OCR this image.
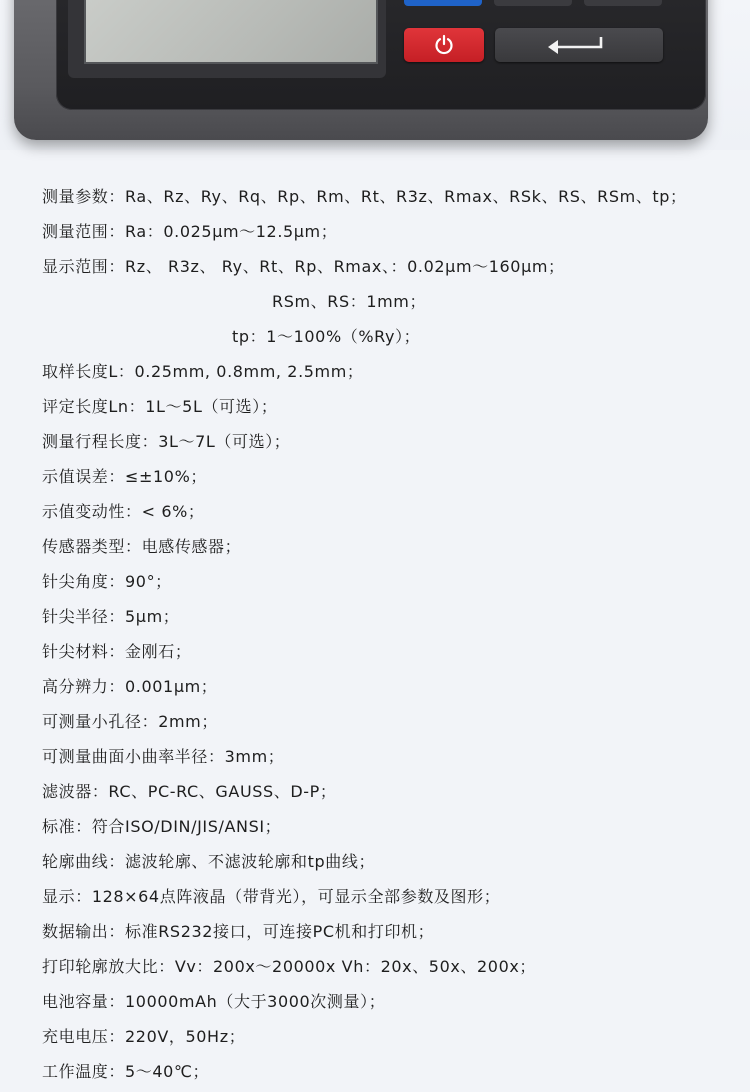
测量参数：Ra、Rz、Ry、Rq、Rp、Rm、Rt、R3z、Rmax、RSk、RS、RSm、tp；
测量范围：Ra：0.025μm～12.5μm；
显示范围：Rz、 R3z、 Ry、Rt、Rp、Rmax、：0.02μm～160μm；
RSm、RS：1mm；
tp：1～100%（%Ry）；
取样长度L：0.25mm, 0.8mm, 2.5mm；
评定长度Ln：1L～5L（可选）；
测量行程长度：3L～7L（可选）；
示值误差：≤±10%；
示值变动性：< 6%；
传感器类型：电感传感器；
针尖角度：90°；
针尖半径：5μm；
针尖材料：金刚石；
高分辨力：0.001μm；
可测量小孔径：2mm；
可测量曲面小曲率半径：3mm；
滤波器：RC、PC-RC、GAUSS、D-P；
标准：符合ISO/DIN/JIS/ANSI；
轮廓曲线：滤波轮廓、不滤波轮廓和tp曲线；
显示：128×64点阵液晶（带背光），可显示全部参数及图形；
数据输出：标准RS232接口，可连接PC机和打印机；
打印轮廓放大比：Vv：200x～20000x Vh：20x、50x、200x；
电池容量：10000mAh（大于3000次测量）；
充电电压：220V，50Hz；
工作温度：5～40℃；
